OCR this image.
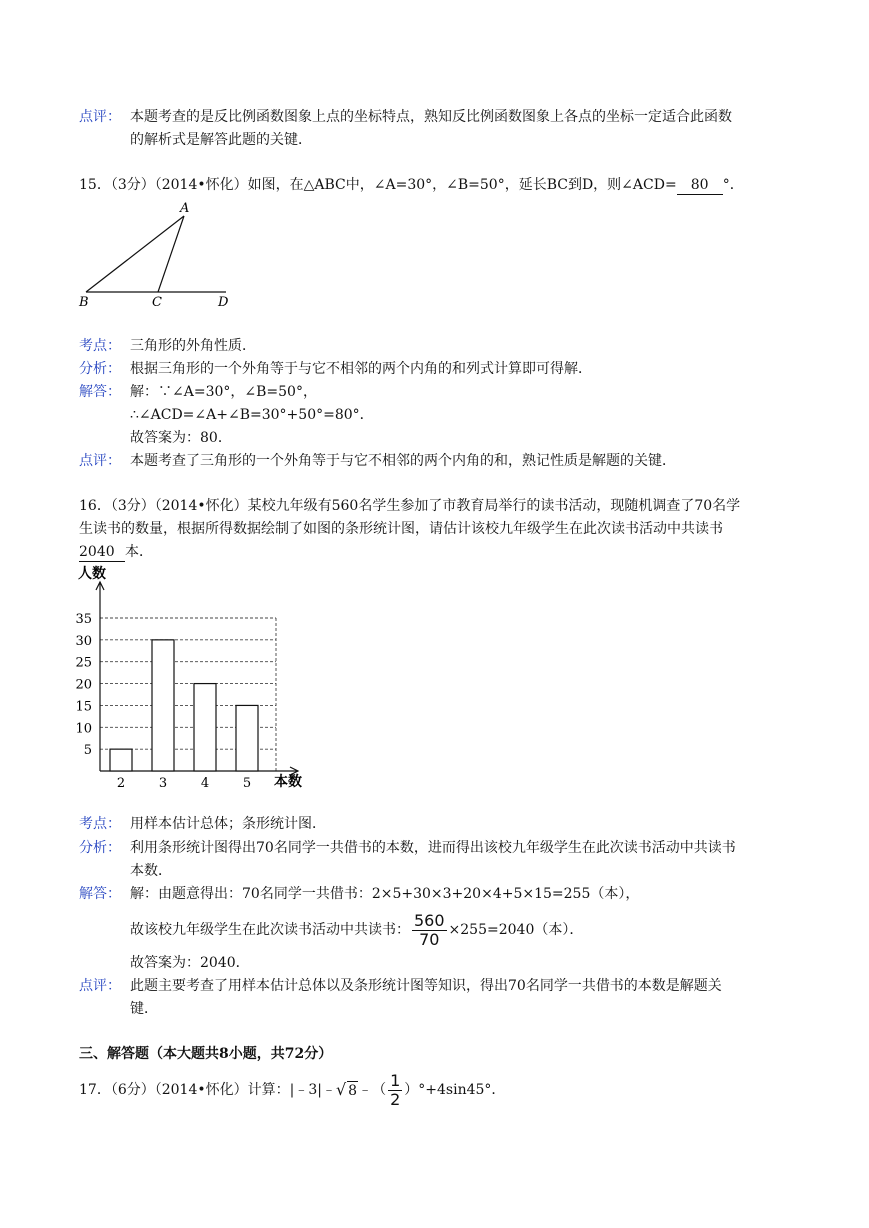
点评： 本题考查的是反比例函数图象上点的坐标特点，熟知反比例函数图象上各点的坐标一定适合此函数
的解析式是解答此题的关键．
15．（3分）（2014•怀化）如图，在△ABC中，∠A=30°，∠B=50°，延长BC到D，则∠ACD= 80 °．
A
B	C	D
考点： 三角形的外角性质．
分析： 根据三角形的一个外角等于与它不相邻的两个内角的和列式计算即可得解．
解答： 解：∵∠A=30°，∠B=50°，
∴∠ACD=∠A+∠B=30°+50°=80°．
故答案为：80．
点评： 本题考查了三角形的一个外角等于与它不相邻的两个内角的和，熟记性质是解题的关键．
16．（3分）（2014•怀化）某校九年级有560名学生参加了市教育局举行的读书活动，现随机调查了70名学
生读书的数量，根据所得数据绘制了如图的条形统计图，请估计该校九年级学生在此次读书活动中共读书
2040 本．
5
10
15
20
25
30
35
人数
本数
2	3	4	5
考点： 用样本估计总体；条形统计图．
分析： 利用条形统计图得出70名同学一共借书的本数，进而得出该校九年级学生在此次读书活动中共读书
本数．
解答： 解：由题意得出：70名同学一共借书：2×5+30×3+20×4+5×15=255（本），
故该校九年级学生在此次读书活动中共读书： $\frac{560}{70} \times 255=2040$（本）．
故答案为：2040．
点评： 此题主要考查了用样本估计总体以及条形统计图等知识，得出70名同学一共借书的本数是解题关
键．
三、解答题（本大题共8小题，共72分）
17．（6分）（2014•怀化）计算：|﹣3|﹣ √ 8 ﹣（ $\frac{1}{2} )^\circ+4\sin 45^\circ$．
